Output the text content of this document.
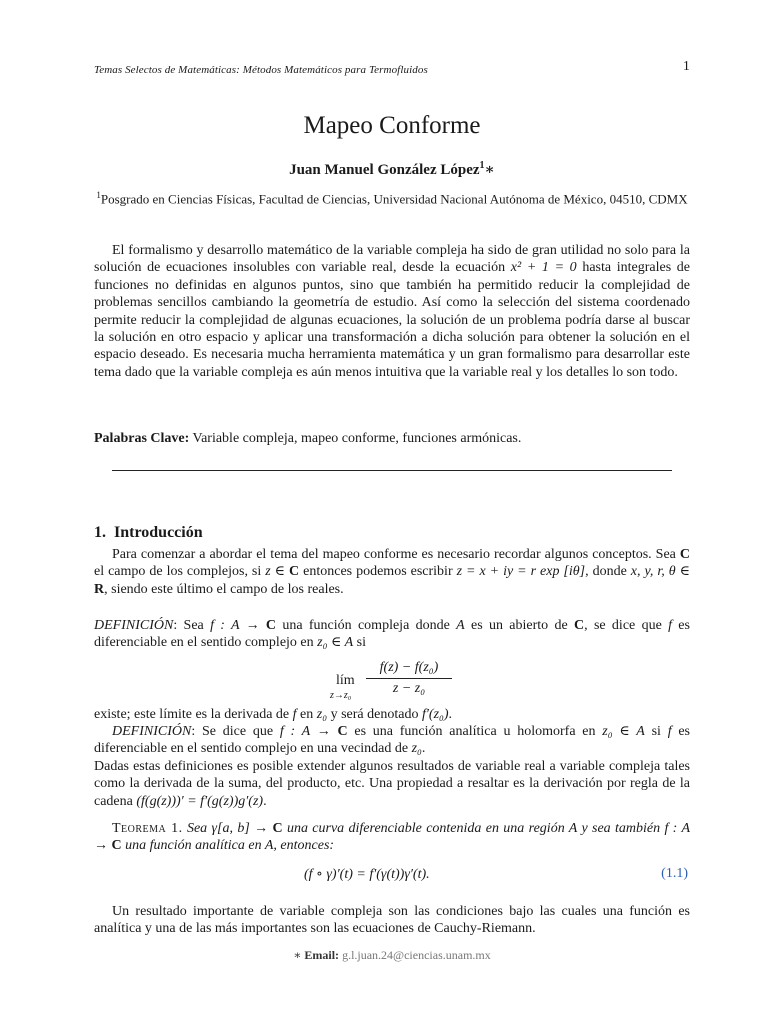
Temas Selectos de Matemáticas: Métodos Matemáticos para Termofluidos	1
Mapeo Conforme
Juan Manuel González López$^1$∗
$^1$Posgrado en Ciencias Físicas, Facultad de Ciencias, Universidad Nacional Autónoma de México, 04510, CDMX
El formalismo y desarrollo matemático de la variable compleja ha sido de gran utilidad no solo para la solución de ecuaciones insolubles con variable real, desde la ecuación x² + 1 = 0 hasta integrales de funciones no definidas en algunos puntos, sino que también ha permitido reducir la complejidad de problemas sencillos cambiando la geometría de estudio. Así como la selección del sistema coordenado permite reducir la complejidad de algunas ecuaciones, la solución de un problema podría darse al buscar la solución en otro espacio y aplicar una transformación a dicha solución para obtener la solución en el espacio deseado. Es necesaria mucha herramienta matemática y un gran formalismo para desarrollar este tema dado que la variable compleja es aún menos intuitiva que la variable real y los detalles lo son todo.
Palabras Clave: Variable compleja, mapeo conforme, funciones armónicas.
1. Introducción
Para comenzar a abordar el tema del mapeo conforme es necesario recordar algunos conceptos. Sea C el campo de los complejos, si z ∈ C entonces podemos escribir z = x + iy = r exp [iθ], donde x, y, r, θ ∈ R, siendo este último el campo de los reales.
DEFINICIÓN: Sea f : A → C una función compleja donde A es un abierto de C, se dice que f es diferenciable en el sentido complejo en z₀ ∈ A si
lím
$z\to z_0 \frac{\text{f(z) − f(z₀)}}{\text{z − z₀}}$
existe; este límite es la derivada de f en z₀ y será denotado f′(z₀).
DEFINICIÓN: Se dice que f : A → C es una función analítica u holomorfa en z₀ ∈ A si f es diferenciable en el sentido complejo en una vecindad de z₀.
Dadas estas definiciones es posible extender algunos resultados de variable real a variable compleja tales como la derivada de la suma, del producto, etc. Una propiedad a resaltar es la derivación por regla de la cadena (f(g(z)))′ = f′(g(z))g′(z).
Teorema 1. Sea γ[a, b] → C una curva diferenciable contenida en una región A y sea también f : A → C una función analítica en A, entonces:
(f ∘ γ)′(t) = f′(γ(t))γ′(t).	(1.1)
Un resultado importante de variable compleja son las condiciones bajo las cuales una función es analítica y una de las más importantes son las ecuaciones de Cauchy-Riemann.
∗ Email: g.l.juan.24@ciencias.unam.mx
